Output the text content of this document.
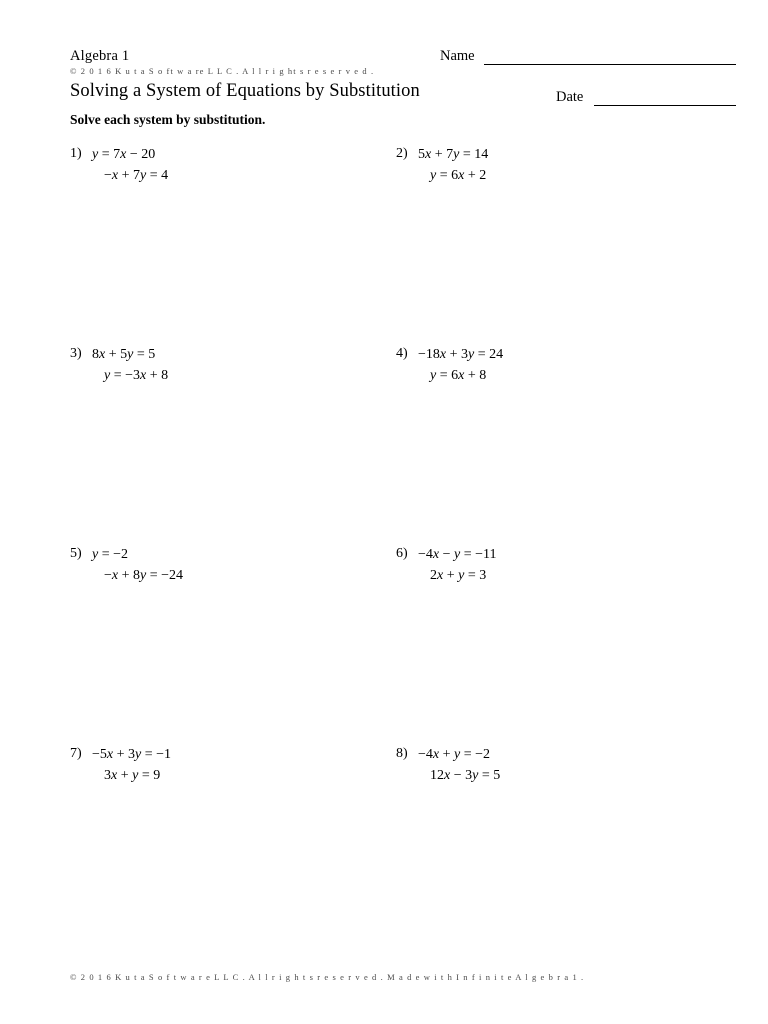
Algebra 1
© 2 0 1 6 K u t a S o ft w a re L L C . A l l r i g ht s r e s e r v e d .
Solving a System of Equations by Substitution
Name
Date
Solve each system by substitution.
1) y = 7x − 20
−x + 7y = 4
2) 5x + 7y = 14
y = 6x + 2
3) 8x + 5y = 5
y = −3x + 8
4) −18x + 3y = 24
y = 6x + 8
5) y = −2
−x + 8y = −24
6) −4x − y = −11
2x + y = 3
7) −5x + 3y = −1
3x + y = 9
8) −4x + y = −2
12x − 3y = 5
© 2 0 1 6 K u t a S o f t w a r e L L C . A l l r i g h t s r e s e r v e d . M a d e w i t h I n f i n i t e A l g e b r a 1 .
